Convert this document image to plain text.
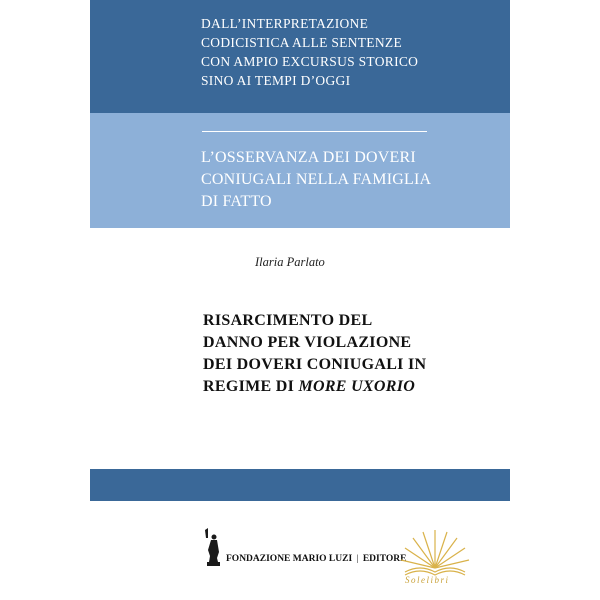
DALL’INTERPRETAZIONE
CODICISTICA ALLE SENTENZE
CON AMPIO EXCURSUS STORICO
SINO AI TEMPI D’OGGI
L’OSSERVANZA DEI DOVERI
CONIUGALI NELLA FAMIGLIA
DI FATTO
Ilaria Parlato
RISARCIMENTO DEL
DANNO PER VIOLAZIONE
DEI DOVERI CONIUGALI IN
REGIME DI MORE UXORIO
FONDAZIONE MARIO LUZI | EDITORE
Solelibri
